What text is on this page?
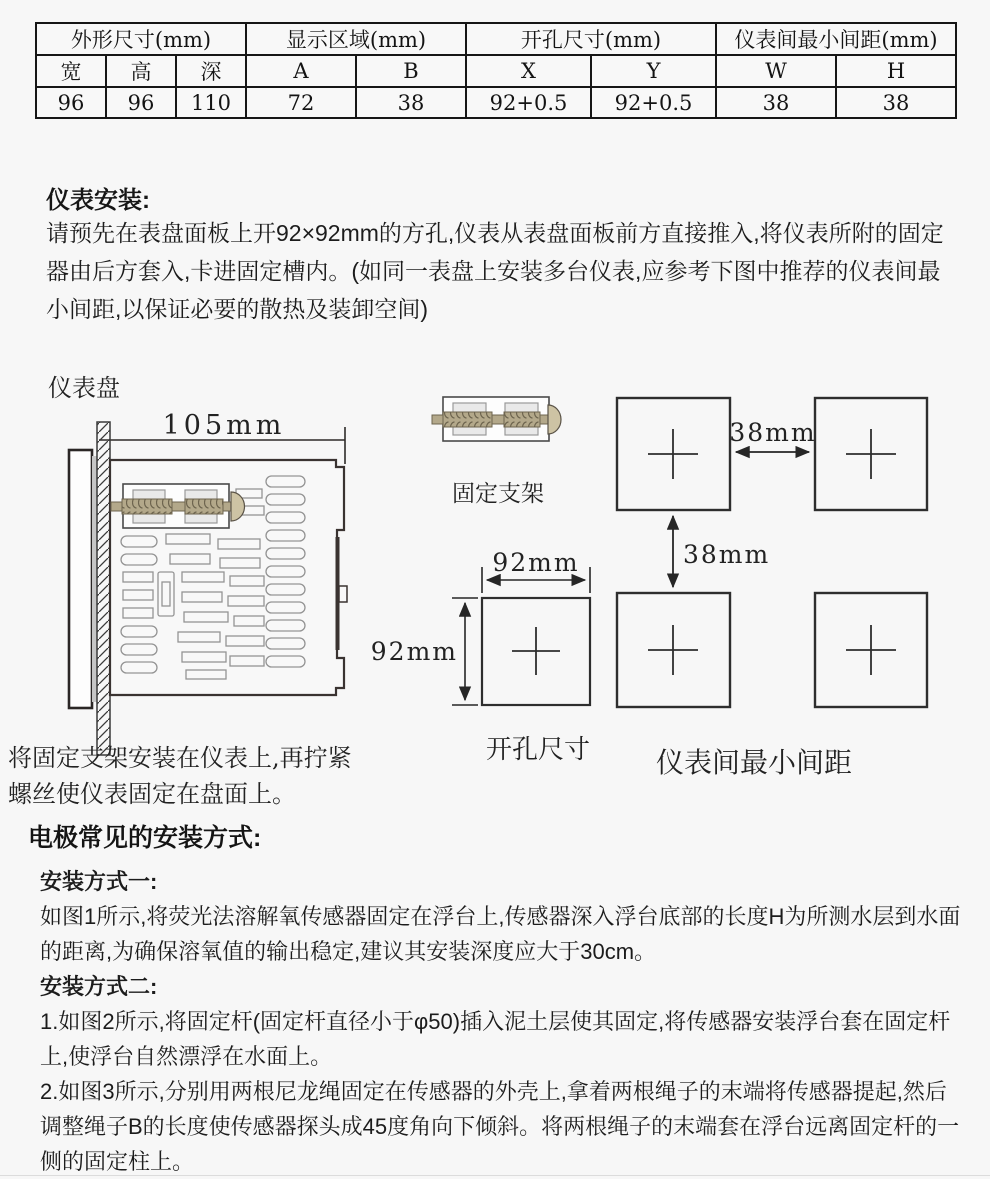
外形尺寸(mm)			显示区域(mm)		开孔尺寸(mm)		仪表间最小间距(mm)	
宽	高	深	A	B	X	Y	W	H
96	96	110	72	38	92+0.5	92+0.5	38	38
仪表安装:
请预先在表盘面板上开92×92mm的方孔,仪表从表盘面板前方直接推入,将仪表所附的固定器由后方套入,卡进固定槽内。(如同一表盘上安装多台仪表,应参考下图中推荐的仪表间最小间距,以保证必要的散热及装卸空间)
仪表盘
105mm
固定支架
92mm
92mm
开孔尺寸
38mm
38mm
仪表间最小间距
将固定支架安装在仪表上,再拧紧
螺丝使仪表固定在盘面上。
电极常见的安装方式:

安装方式一:

如图1所示,将荧光法溶解氧传感器固定在浮台上,传感器深入浮台底部的长度H为所测水层到水面的距离,为确保溶氧值的输出稳定,建议其安装深度应大于30cm。

安装方式二:

1.如图2所示,将固定杆(固定杆直径小于φ50)插入泥土层使其固定,将传感器安装浮台套在固定杆上,使浮台自然漂浮在水面上。

2.如图3所示,分别用两根尼龙绳固定在传感器的外壳上,拿着两根绳子的末端将传感器提起,然后调整绳子B的长度使传感器探头成45度角向下倾斜。将两根绳子的末端套在浮台远离固定杆的一侧的固定柱上。
